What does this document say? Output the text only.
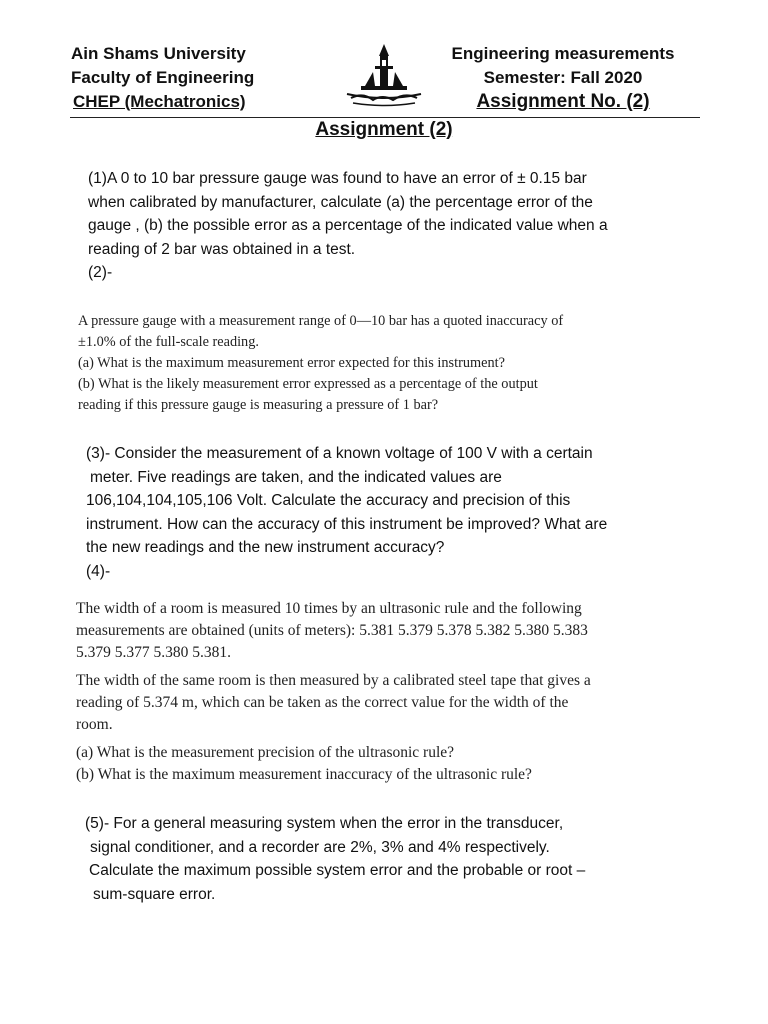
Ain Shams University
Faculty of Engineering
CHEP (Mechatronics)
Engineering measurements
Semester: Fall 2020
Assignment No. (2)
Assignment (2)
(1)A 0 to 10 bar pressure gauge was found to have an error of ± 0.15 bar
when calibrated by manufacturer, calculate (a) the percentage error of the
gauge , (b) the possible error as a percentage of the indicated value when a
reading of 2 bar was obtained in a test.
(2)-
A pressure gauge with a measurement range of 0—10 bar has a quoted inaccuracy of
±1.0% of the full-scale reading.
(a) What is the maximum measurement error expected for this instrument?
(b) What is the likely measurement error expressed as a percentage of the output
reading if this pressure gauge is measuring a pressure of 1 bar?
(3)- Consider the measurement of a known voltage of 100 V with a certain
meter. Five readings are taken, and the indicated values are
106,104,104,105,106 Volt. Calculate the accuracy and precision of this
instrument. How can the accuracy of this instrument be improved? What are
the new readings and the new instrument accuracy?
(4)-
The width of a room is measured 10 times by an ultrasonic rule and the following
measurements are obtained (units of meters): 5.381 5.379 5.378 5.382 5.380 5.383
5.379 5.377 5.380 5.381.
The width of the same room is then measured by a calibrated steel tape that gives a
reading of 5.374 m, which can be taken as the correct value for the width of the
room.
(a) What is the measurement precision of the ultrasonic rule?
(b) What is the maximum measurement inaccuracy of the ultrasonic rule?
(5)- For a general measuring system when the error in the transducer,
signal conditioner, and a recorder are 2%, 3% and 4% respectively.
Calculate the maximum possible system error and the probable or root –
sum-square error.
